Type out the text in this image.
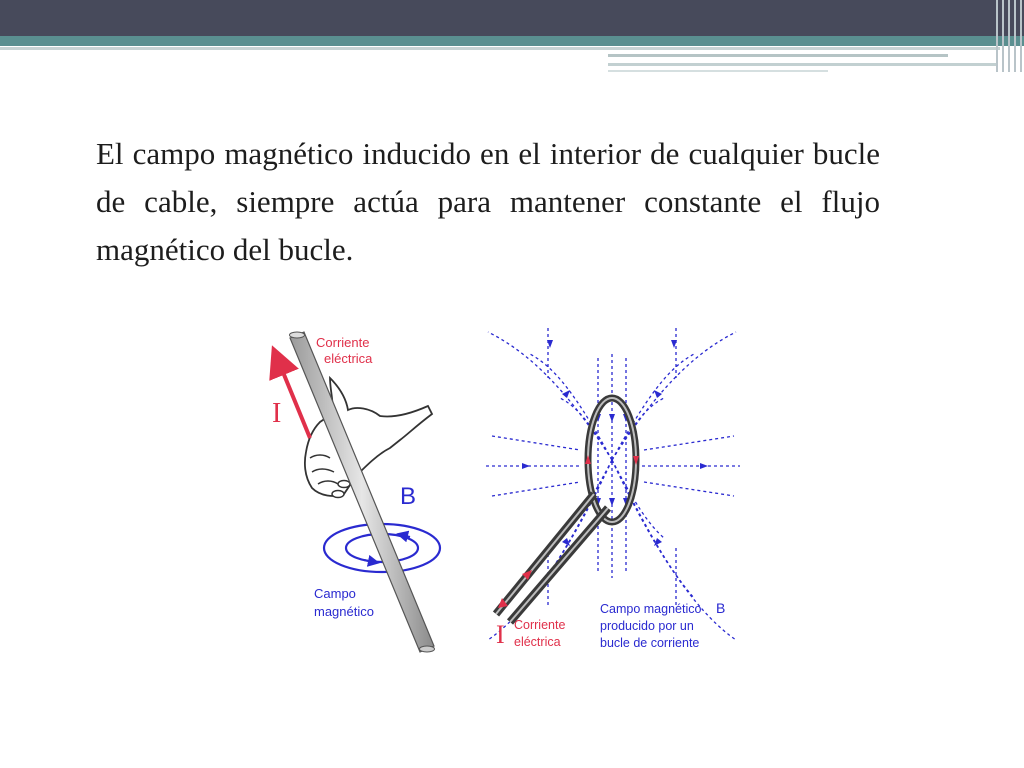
El campo magnético inducido en el interior de cualquier bucle de cable, siempre actúa para mantener constante el flujo magnético del bucle.

Corriente
eléctrica
I
B
Campo
magnético
I Corriente
eléctrica
Campo magnético B
producido por un
bucle de corriente
